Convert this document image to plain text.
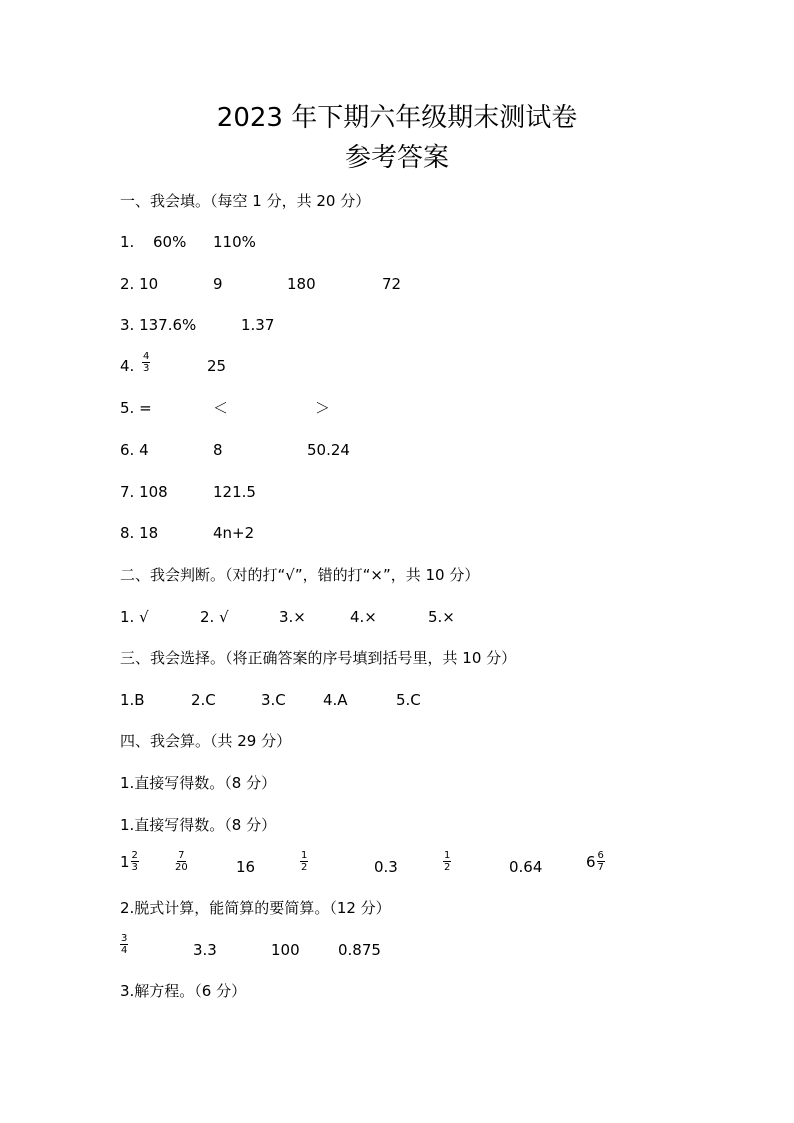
2023 年下期六年级期末测试卷
参考答案
一、我会填。（每空 1 分，共 20 分）
1. 60% 110%
2. 10	9	180	72
3. 137.6%	1.37
4. $\frac{4}{3}$	25
5. =	＜	＞
6. 4	8	50.24
7. 108	121.5
8. 18	4n+2
二、我会判断。（对的打“√”，错的打“×”，共 10 分）
1. √	2. √	3.×	4.×	5.×
三、我会选择。（将正确答案的序号填到括号里，共 10 分）
1.B	2.C	3.C 4.A	5.C
四、我会算。（共 29 分）
1.直接写得数。（8 分）
1.直接写得数。（8 分）
$1 \frac{2}{3}$	$\frac{7}{20}$	16	$\frac{1}{2}$	0.3	$\frac{1}{2}$	0.64	$6 \frac{6}{7}$
2.脱式计算，能简算的要简算。（12 分）
$\frac{3}{4}$	3.3	100	0.875
3.解方程。（6 分）
